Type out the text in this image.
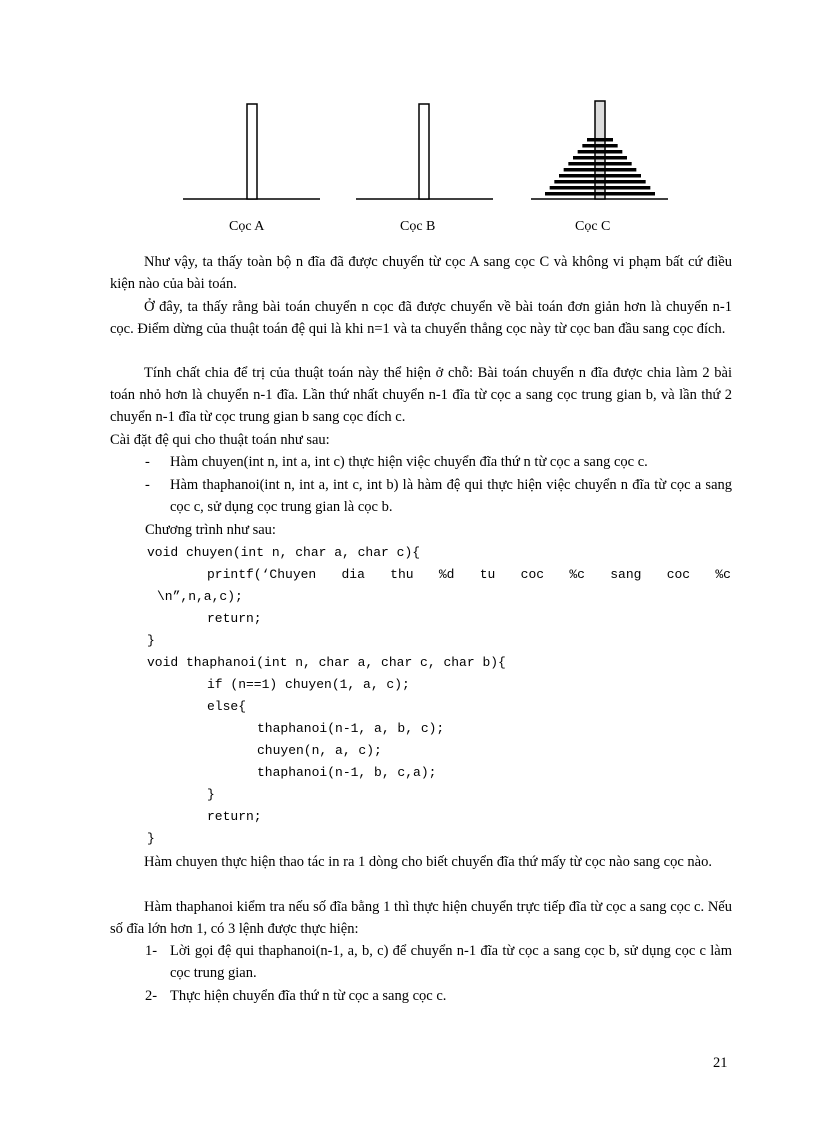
Cọc A	Cọc B	Cọc C

Như vậy, ta thấy toàn bộ n đĩa đã được chuyển từ cọc A sang cọc C và không vi phạm bất cứ điều kiện nào của bài toán.

Ở đây, ta thấy rằng bài toán chuyển n cọc đã được chuyển về bài toán đơn giản hơn là chuyển n-1 cọc. Điểm dừng của thuật toán đệ qui là khi n=1 và ta chuyển thẳng cọc này từ cọc ban đầu sang cọc đích.

Tính chất chia để trị của thuật toán này thể hiện ở chỗ: Bài toán chuyển n đĩa được chia làm 2 bài toán nhỏ hơn là chuyển n-1 đĩa. Lần thứ nhất chuyển n-1 đĩa từ cọc a sang cọc trung gian b, và lần thứ 2 chuyển n-1 đĩa từ cọc trung gian b sang cọc đích c.

Cài đặt đệ qui cho thuật toán như sau:

- Hàm chuyen(int n, int a, int c) thực hiện việc chuyển đĩa thứ n từ cọc a sang cọc c.

- Hàm thaphanoi(int n, int a, int c, int b) là hàm đệ qui thực hiện việc chuyển n đĩa từ cọc a sang cọc c, sử dụng cọc trung gian là cọc b.

Chương trình như sau:

void chuyen(int n, char a, char c){
printf(‘Chuyen dia thu %d tu coc %c sang coc %c
\n”,n,a,c);
return;
}
void thaphanoi(int n, char a, char c, char b){
if (n==1) chuyen(1, a, c);
else{
thaphanoi(n-1, a, b, c);
chuyen(n, a, c);
thaphanoi(n-1, b, c,a);
}
return;
}

Hàm chuyen thực hiện thao tác in ra 1 dòng cho biết chuyển đĩa thứ mấy từ cọc nào sang cọc nào.

Hàm thaphanoi kiểm tra nếu số đĩa bằng 1 thì thực hiện chuyển trực tiếp đĩa từ cọc a sang cọc c. Nếu số đĩa lớn hơn 1, có 3 lệnh được thực hiện:

1- Lời gọi đệ qui thaphanoi(n-1, a, b, c) để chuyển n-1 đĩa từ cọc a sang cọc b, sử dụng cọc c làm cọc trung gian.

2- Thực hiện chuyển đĩa thứ n từ cọc a sang cọc c.

21
